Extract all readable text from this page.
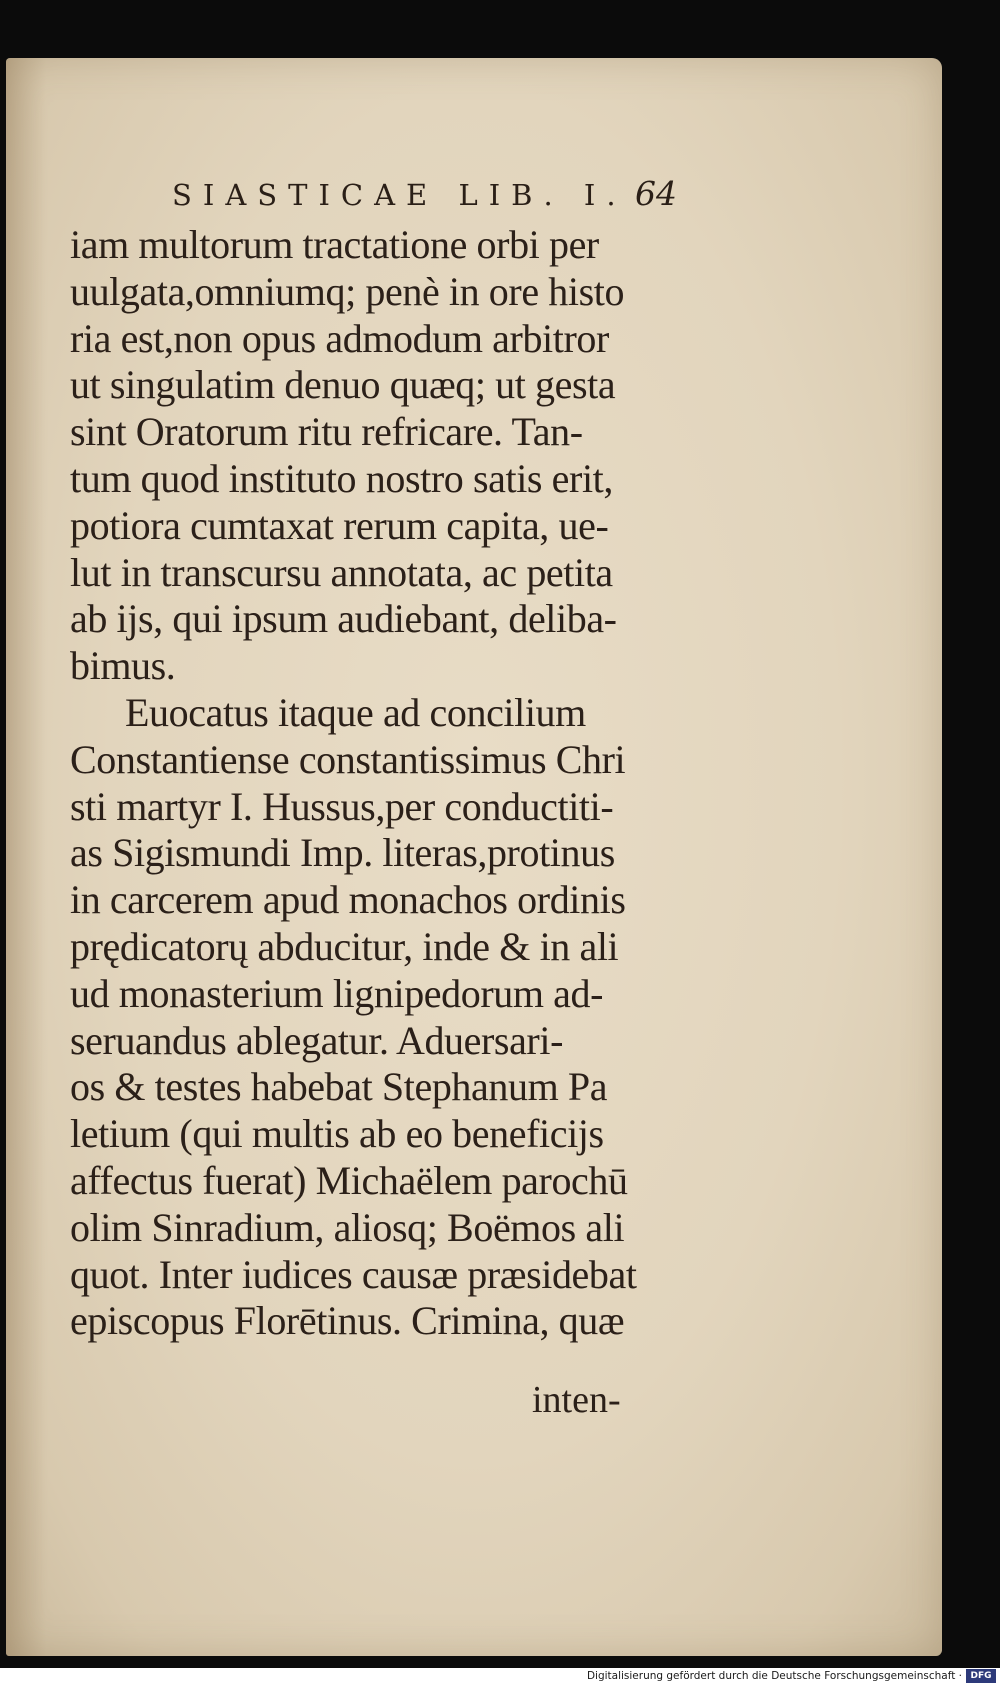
SIASTICAE LIB. I. 64
iam multorum tractatione orbi per
uulgata,omniumq; penè in ore histo
ria est,non opus admodum arbitror
ut singulatim denuo quæq; ut gesta
sint Oratorum ritu refricare. Tan-
tum quod instituto nostro satis erit,
potiora cumtaxat rerum capita, ue-
lut in transcursu annotata, ac petita
ab ijs, qui ipsum audiebant, deliba-
bimus.
Euocatus itaque ad concilium
Constantiense constantissimus Chri
sti martyr I. Hussus,per conductiti-
as Sigismundi Imp. literas,protinus
in carcerem apud monachos ordinis
prędicatorų abducitur, inde & in ali
ud monasterium lignipedorum ad-
seruandus ablegatur. Aduersari-
os & testes habebat Stephanum Pa
letium (qui multis ab eo beneficijs
affectus fuerat) Michaëlem parochū
olim Sinradium, aliosq; Boëmos ali
quot. Inter iudices causæ præsidebat
episcopus Florētinus. Crimina, quæ
inten-
Digitalisierung gefördert durch die Deutsche Forschungsgemeinschaft · DFG
